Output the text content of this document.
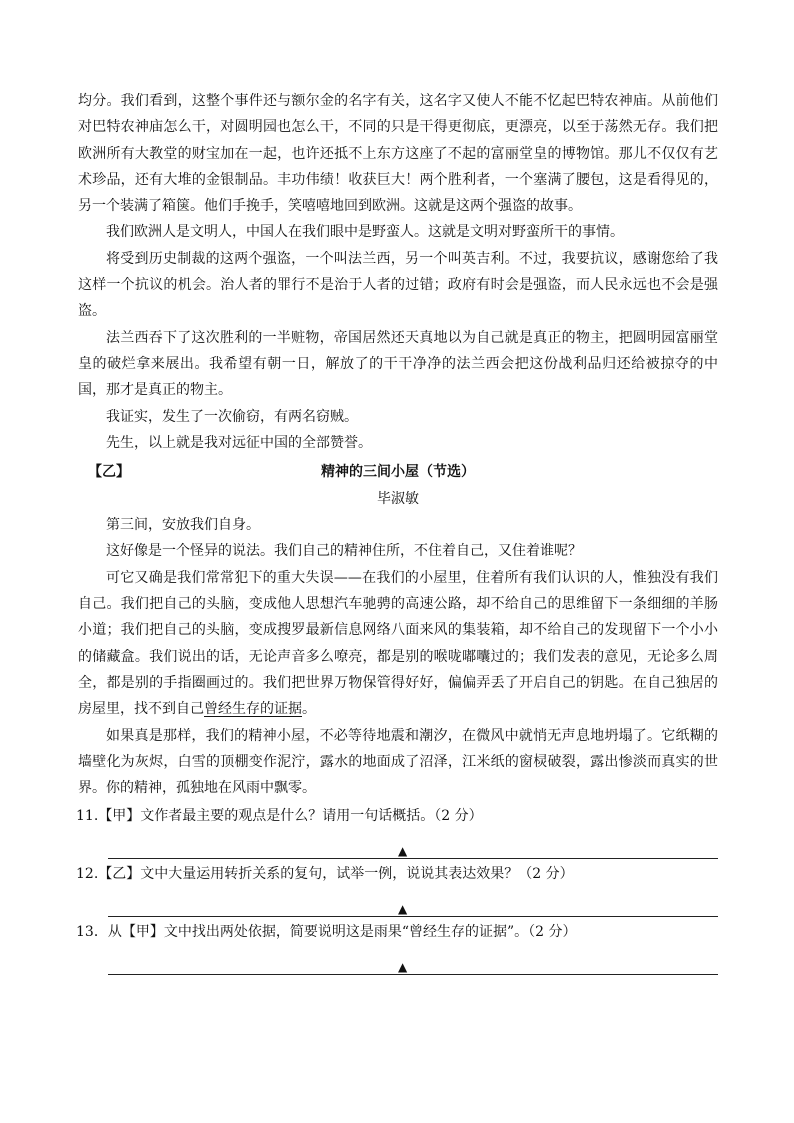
均分。我们看到，这整个事件还与额尔金的名字有关，这名字又使人不能不忆起巴特农神庙。从前他们对巴特农神庙怎么干，对圆明园也怎么干，不同的只是干得更彻底，更漂亮，以至于荡然无存。我们把欧洲所有大教堂的财宝加在一起，也许还抵不上东方这座了不起的富丽堂皇的博物馆。那儿不仅仅有艺术珍品，还有大堆的金银制品。丰功伟绩！收获巨大！两个胜利者，一个塞满了腰包，这是看得见的，另一个装满了箱箧。他们手挽手，笑嘻嘻地回到欧洲。这就是这两个强盗的故事。

我们欧洲人是文明人，中国人在我们眼中是野蛮人。这就是文明对野蛮所干的事情。

将受到历史制裁的这两个强盗，一个叫法兰西，另一个叫英吉利。不过，我要抗议，感谢您给了我这样一个抗议的机会。治人者的罪行不是治于人者的过错；政府有时会是强盗，而人民永远也不会是强盗。

法兰西吞下了这次胜利的一半赃物，帝国居然还天真地以为自己就是真正的物主，把圆明园富丽堂皇的破烂拿来展出。我希望有朝一日，解放了的干干净净的法兰西会把这份战利品归还给被掠夺的中国，那才是真正的物主。

我证实，发生了一次偷窃，有两名窃贼。

先生，以上就是我对远征中国的全部赞誉。

【乙】	精神的三间小屋（节选）
毕淑敏

第三间，安放我们自身。

这好像是一个怪异的说法。我们自己的精神住所，不住着自己，又住着谁呢？

可它又确是我们常常犯下的重大失误——在我们的小屋里，住着所有我们认识的人，惟独没有我们自己。我们把自己的头脑，变成他人思想汽车驰骋的高速公路，却不给自己的思维留下一条细细的羊肠小道；我们把自己的头脑，变成搜罗最新信息网络八面来风的集装箱，却不给自己的发现留下一个小小的储藏盒。我们说出的话，无论声音多么嘹亮，都是别的喉咙嘟囔过的；我们发表的意见，无论多么周全，都是别的手指圈画过的。我们把世界万物保管得好好，偏偏弄丢了开启自己的钥匙。在自己独居的房屋里，找不到自己曾经生存的证据。

如果真是那样，我们的精神小屋，不必等待地震和潮汐，在微风中就悄无声息地坍塌了。它纸糊的墙壁化为灰烬，白雪的顶棚变作泥泞，露水的地面成了沼泽，江米纸的窗棂破裂，露出惨淡而真实的世界。你的精神，孤独地在风雨中飘零。

11.【甲】文作者最主要的观点是什么？请用一句话概括。（2 分）
▲
12.【乙】文中大量运用转折关系的复句，试举一例，说说其表达效果？（2 分）
▲
13．从【甲】文中找出两处依据，简要说明这是雨果“曾经生存的证据”。（2 分）
▲
